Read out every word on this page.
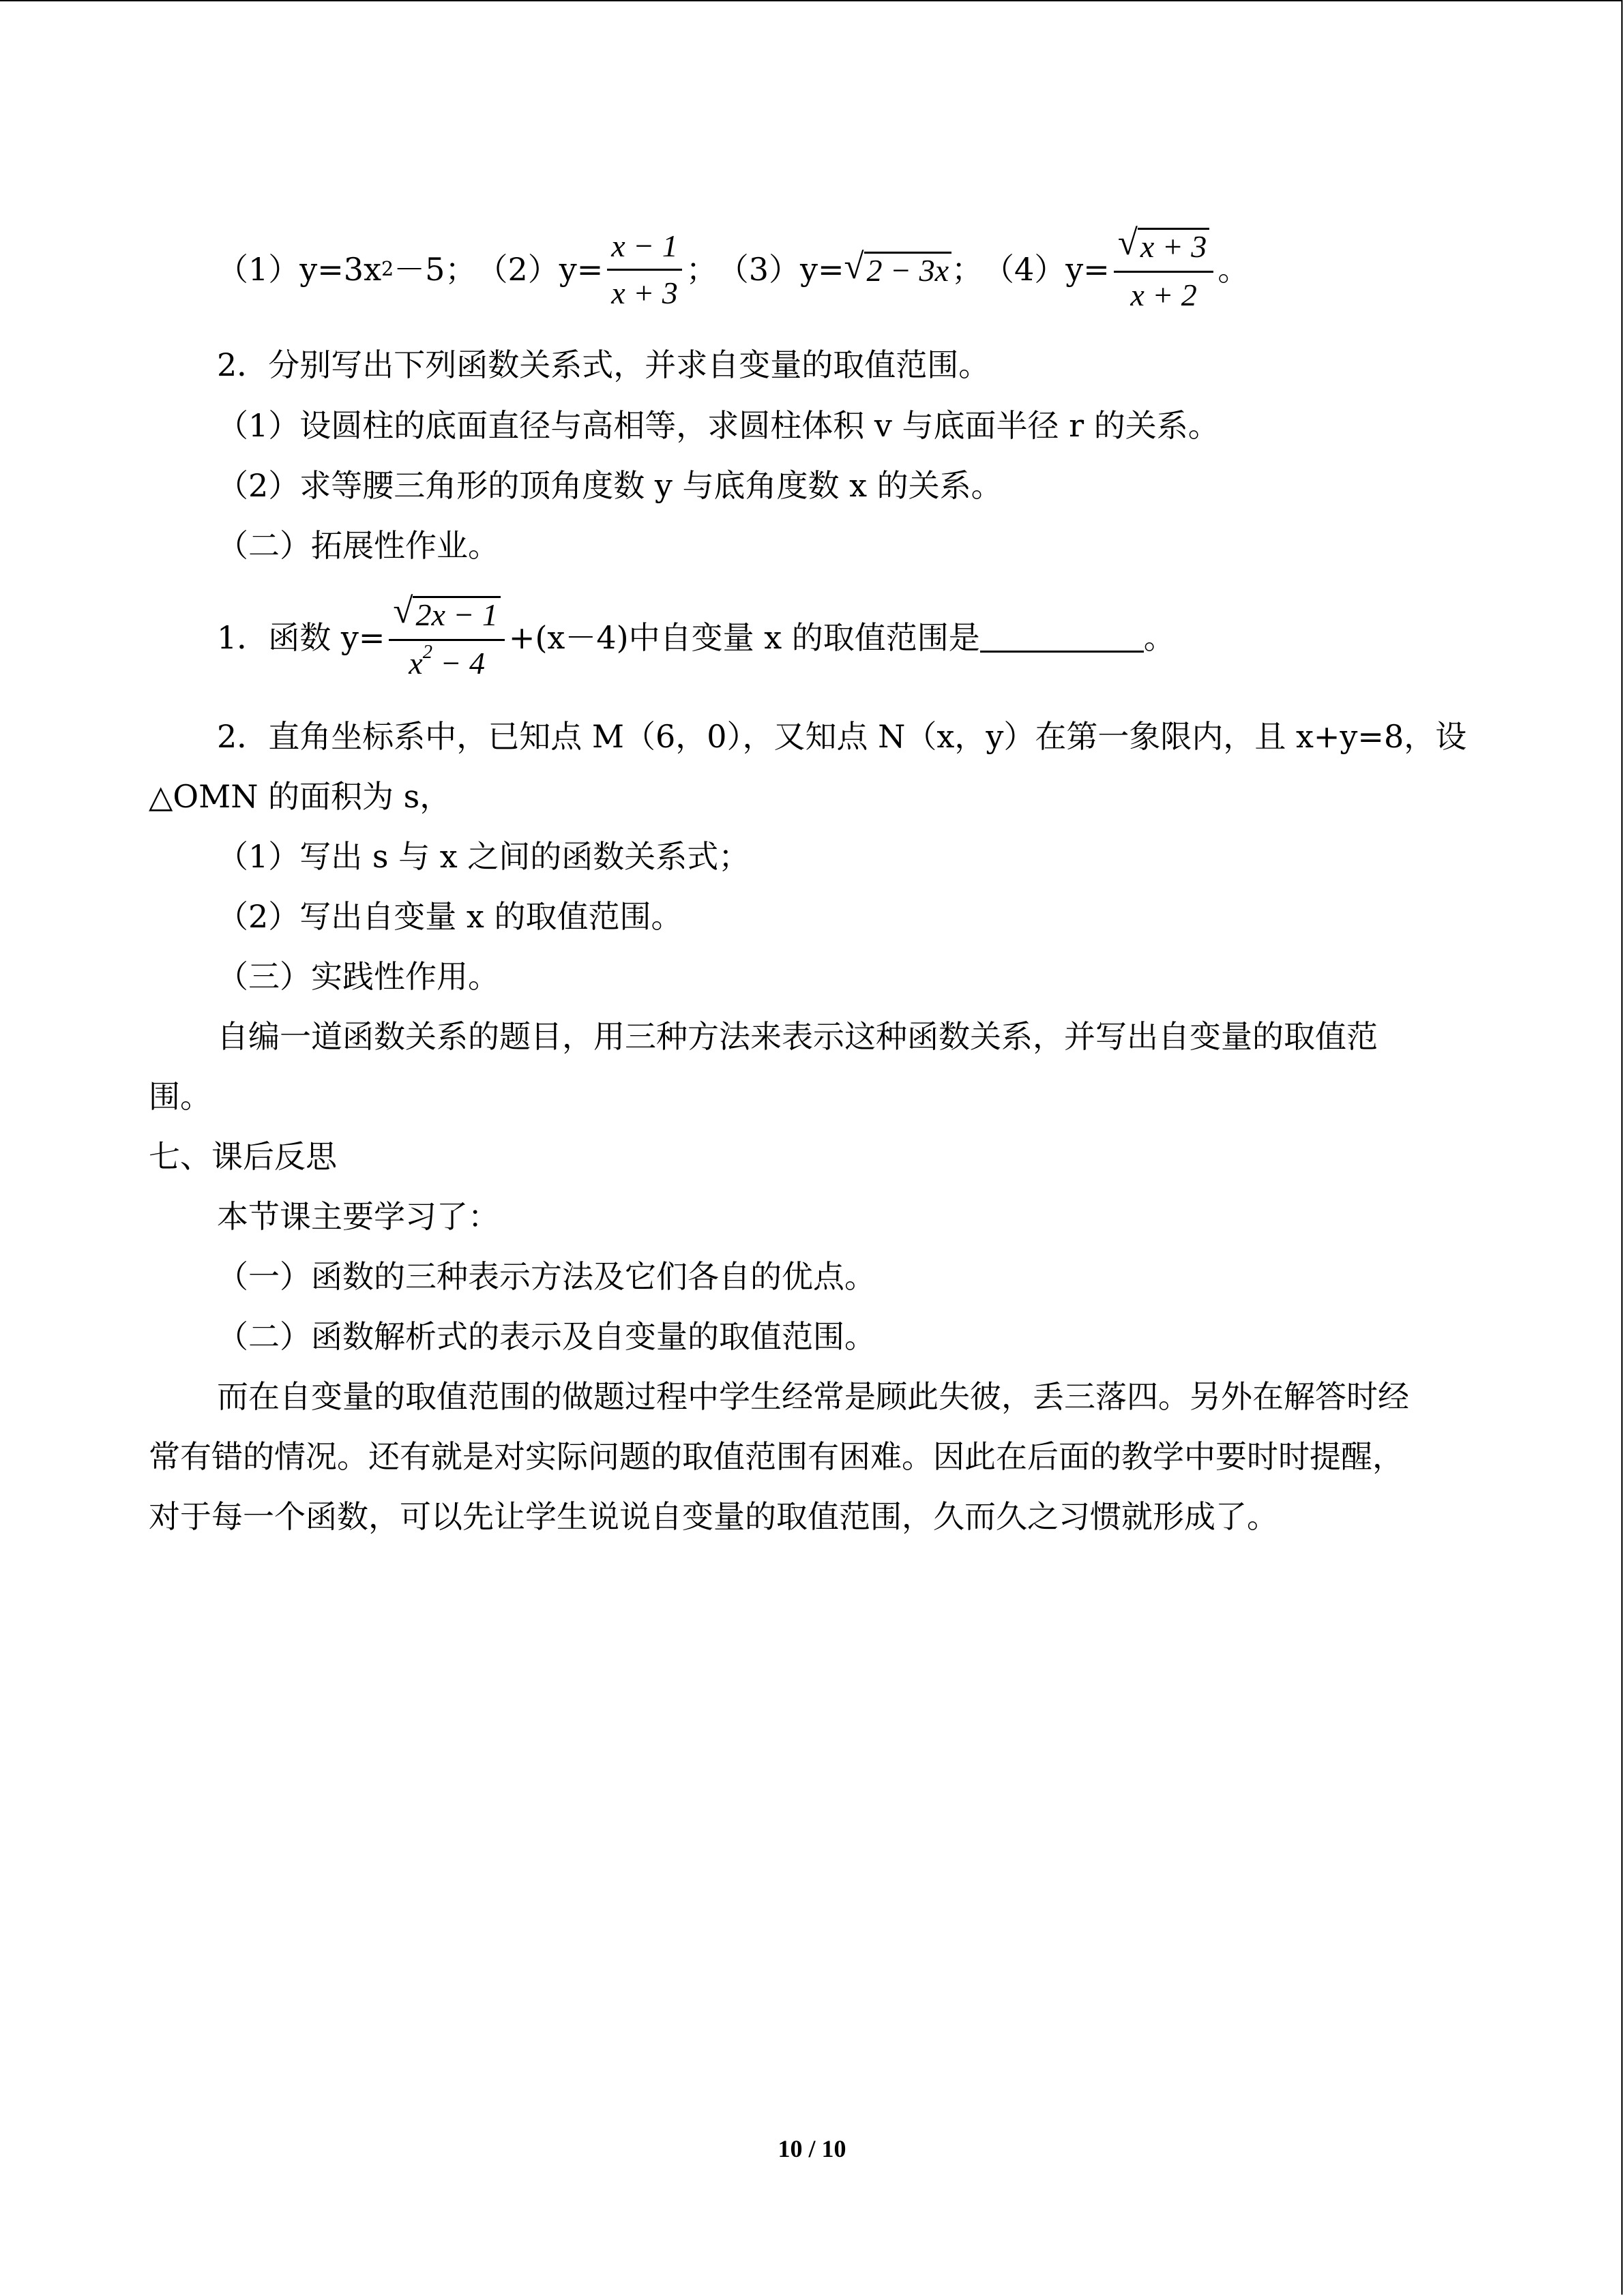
（1）y=3x 2 －5； $(2)y= \frac{x - 1}{x + 3}$ ； （3）y= √ 2 − 3x ； $(4)y= \frac{√ x + 3}{x + 2}$ 。
2．分别写出下列函数关系式，并求自变量的取值范围。
（1）设圆柱的底面直径与高相等，求圆柱体积 v 与底面半径 r 的关系。
（2）求等腰三角形的顶角度数 y 与底角度数 x 的关系。
（二）拓展性作业。
1．函数 $y= \frac{√ 2x - 1}{x^2 - 4} +(x-4)$中自变量 x 的取值范围是	。
2．直角坐标系中，已知点 M（6，0），又知点 N（x，y）在第一象限内，且 x+y=8，设
△OMN 的面积为 s，
（1）写出 s 与 x 之间的函数关系式；
（2）写出自变量 x 的取值范围。
（三）实践性作用。
自编一道函数关系的题目，用三种方法来表示这种函数关系，并写出自变量的取值范
围。
七、课后反思
本节课主要学习了：
（一）函数的三种表示方法及它们各自的优点。
（二）函数解析式的表示及自变量的取值范围。
而在自变量的取值范围的做题过程中学生经常是顾此失彼，丢三落四。另外在解答时经
常有错的情况。还有就是对实际问题的取值范围有困难。因此在后面的教学中要时时提醒，
对于每一个函数，可以先让学生说说自变量的取值范围，久而久之习惯就形成了。
10 / 10
